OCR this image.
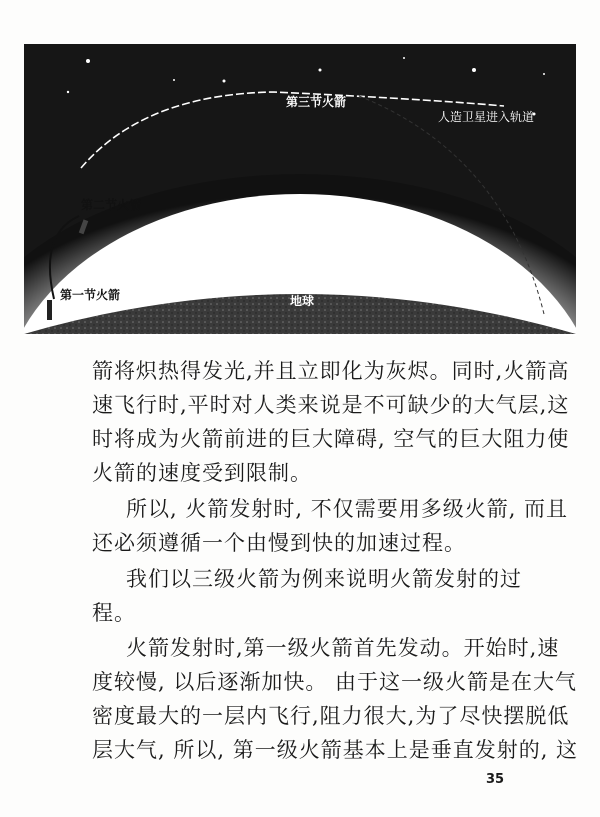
第三节火箭
人造卫星进入轨道
第二节火箭
第一节火箭	地球
箭将炽热得发光,并且立即化为灰烬。同时,火箭高
速飞行时,平时对人类来说是不可缺少的大气层,这
时将成为火箭前进的巨大障碍, 空气的巨大阻力使
火箭的速度受到限制。
所以, 火箭发射时, 不仅需要用多级火箭, 而且
还必须遵循一个由慢到快的加速过程。
我们以三级火箭为例来说明火箭发射的过
程。
火箭发射时,第一级火箭首先发动。开始时,速
度较慢, 以后逐渐加快。 由于这一级火箭是在大气
密度最大的一层内飞行,阻力很大,为了尽快摆脱低
层大气, 所以, 第一级火箭基本上是垂直发射的, 这
35
